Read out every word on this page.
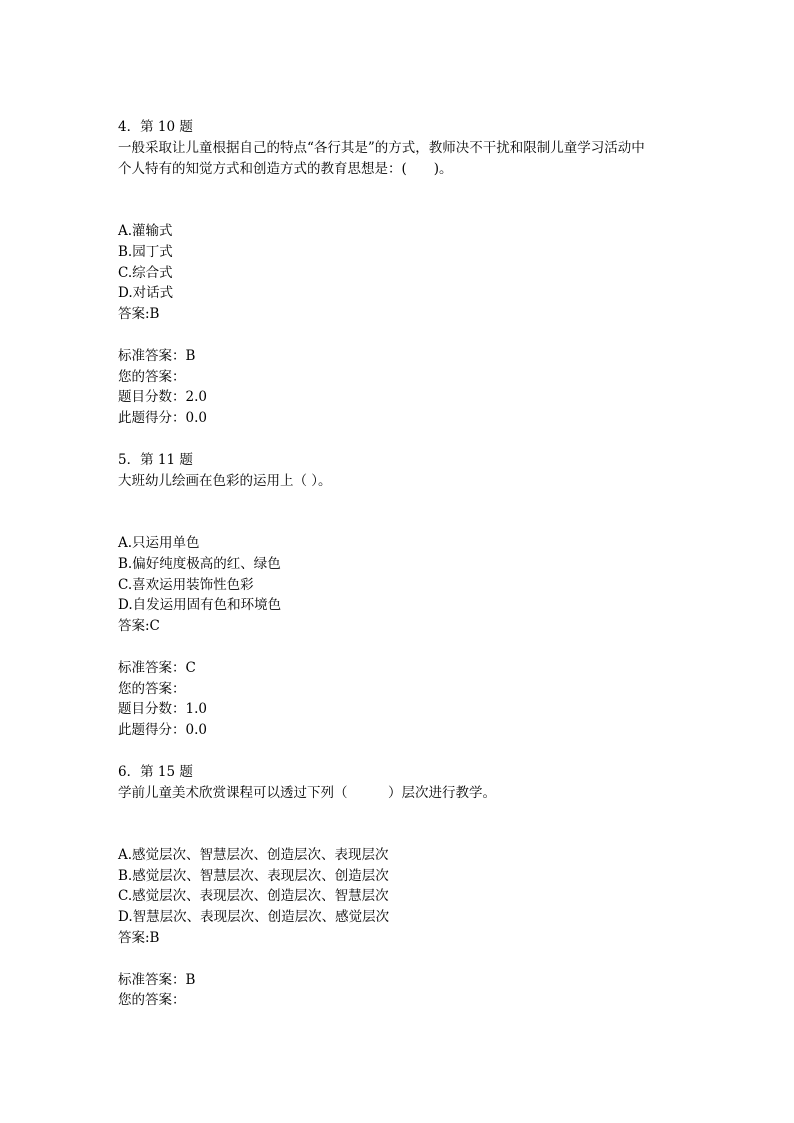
4．第 10 题
一般采取让儿童根据自己的特点“各行其是”的方式，教师决不干扰和限制儿童学习活动中
个人特有的知觉方式和创造方式的教育思想是：(　　)。
A.灌输式
B.园丁式
C.综合式
D.对话式
答案:B
标准答案：B
您的答案：
题目分数：2.0
此题得分：0.0
5．第 11 题
大班幼儿绘画在色彩的运用上（ ）。
A.只运用单色
B.偏好纯度极高的红、绿色
C.喜欢运用装饰性色彩
D.自发运用固有色和环境色
答案:C
标准答案：C
您的答案：
题目分数：1.0
此题得分：0.0
6．第 15 题
学前儿童美术欣赏课程可以透过下列（　　　）层次进行教学。
A.感觉层次、智慧层次、创造层次、表现层次
B.感觉层次、智慧层次、表现层次、创造层次
C.感觉层次、表现层次、创造层次、智慧层次
D.智慧层次、表现层次、创造层次、感觉层次
答案:B
标准答案：B
您的答案：
